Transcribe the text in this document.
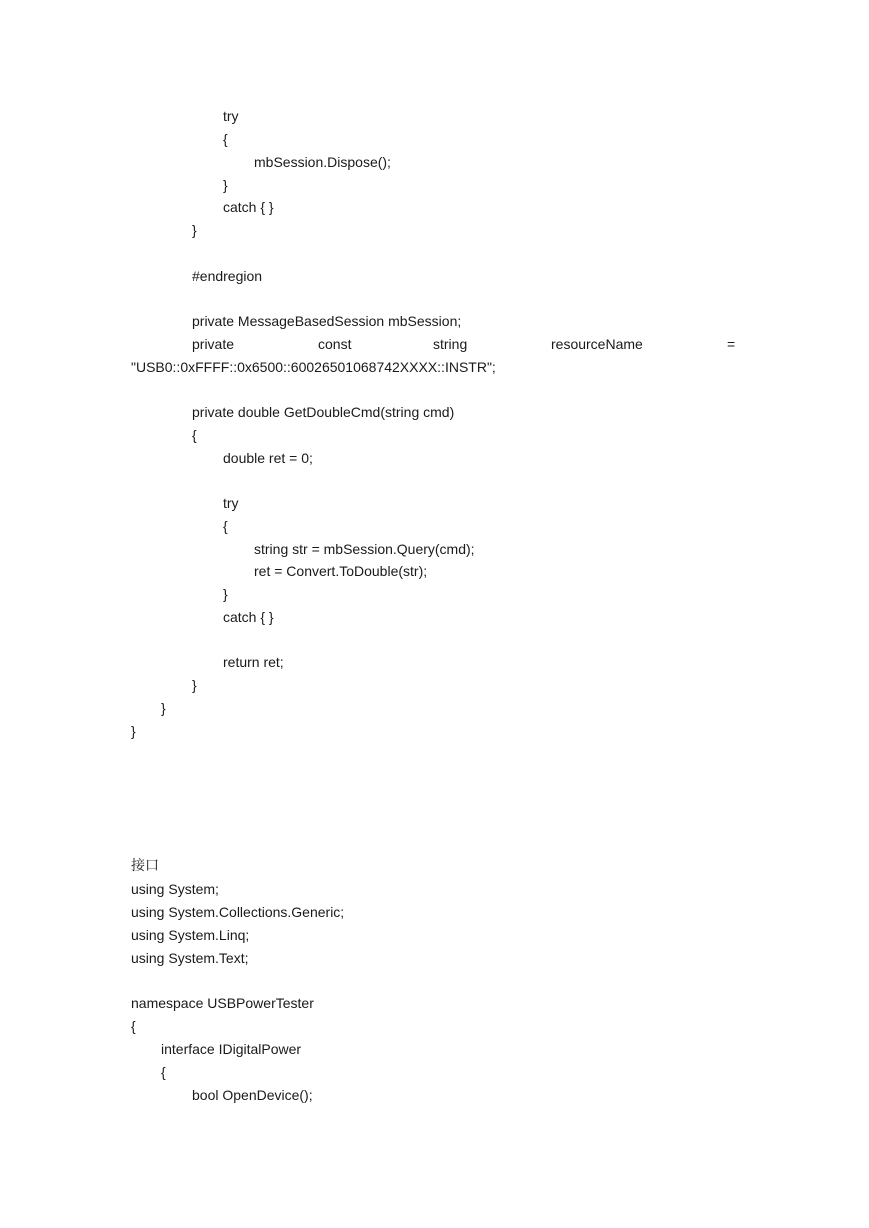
try
{
mbSession.Dispose();
}
catch { }
}
#endregion
private MessageBasedSession mbSession;
private	const	string	resourceName	=
"USB0::0xFFFF::0x6500::60026501068742XXXX::INSTR";
private double GetDoubleCmd(string cmd)
{
double ret = 0;
try
{
string str = mbSession.Query(cmd);
ret = Convert.ToDouble(str);
}
catch { }
return ret;
}
}
}
接口
using System;
using System.Collections.Generic;
using System.Linq;
using System.Text;
namespace USBPowerTester
{
interface IDigitalPower
{
bool OpenDevice();
